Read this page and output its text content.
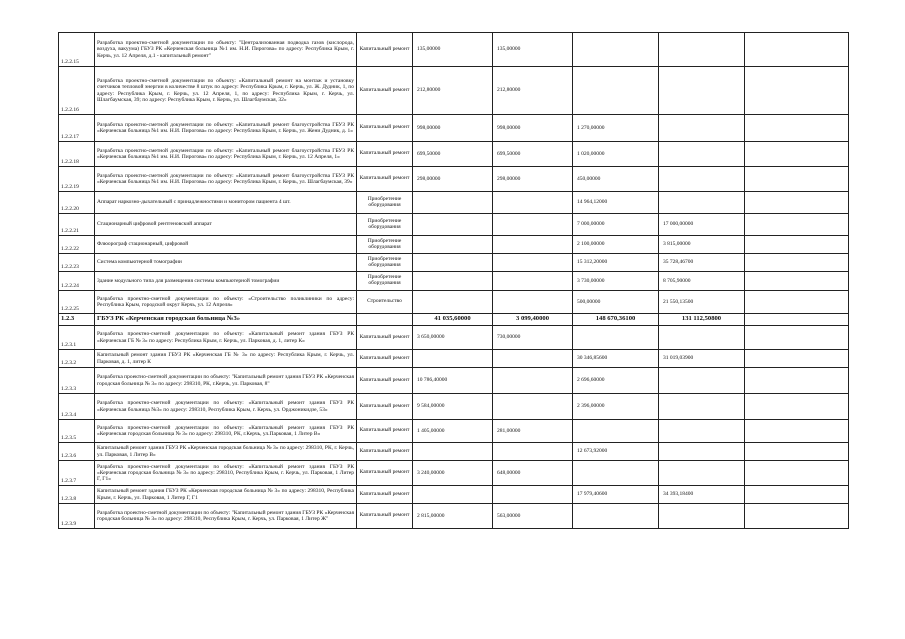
1.2.2.15	Разработка проектно-сметной документации по объекту: "Централизованная подводка газов (кислорода, воздуха, вакуума) ГБУЗ РК «Керченская больница №1 им. Н.И. Пирогова» по адресу: Республика Крым, г. Керчь, ул. 12 Апреля, д.1 - капитальный ремонт"	Капитальный ремонт	135,00000	135,00000			
1.2.2.16	Разработка проектно-сметной документации по объекту: «Капитальный ремонт на монтаж и установку счетчиков тепловой энергии в количестве 8 штук по адресу: Республика Крым, г. Керчь, ул. Ж. Дудник, 1, по адресу: Республика Крым, г. Керчь, ул. 12 Апреля, 1, по адресу: Республика Крым, г. Керчь, ул. Шлагбаумская, 39; по адресу: Республика Крым, г. Керчь, ул. Шлагбаумская, 32»	Капитальный ремонт	212,80000	212,80000			
1.2.2.17	Разработка проектно-сметной документации по объекту: «Капитальный ремонт благоустройства ГБУЗ РК «Керченская больница №1 им. Н.И. Пирогова» по адресу: Республика Крым, г. Керчь, ул. Жени Дудник, д. 1»	Капитальный ремонт	998,00000	998,00000	1 270,00000		
1.2.2.18	Разработка проектно-сметной документации по объекту: «Капитальный ремонт благоустройства ГБУЗ РК «Керченская больница №1 им. Н.И. Пирогова» по адресу: Республика Крым, г. Керчь, ул. 12 Апреля, 1»	Капитальный ремонт	699,50000	699,50000	1 020,00000		
1.2.2.19	Разработка проектно-сметной документации по объекту: «Капитальный ремонт благоустройства ГБУЗ РК «Керченская больница №1 им. Н.И. Пирогова» по адресу: Республика Крым, г. Керчь, ул. Шлагбаумская, 39»	Капитальный ремонт	298,00000	298,00000	450,00000		
1.2.2.20	Аппарат наркозно-дыхательный с принадлежностями и монитором пациента 4 шт.	Приобретение оборудования			14 964,12000		
1.2.2.21	Стационарный цифровой рентгеновский аппарат	Приобретение оборудования			7 000,00000	17 000,00000	
1.2.2.22	Флюорограф стационарный, цифровой	Приобретение оборудования			2 100,00000	3 815,00000	
1.2.2.23	Система компьютерной томографии	Приобретение оборудования			15 312,20000	35 728,46700	
1.2.2.24	Здание модульного типа для размещения системы компьютерной томографии	Приобретение оборудования			3 730,00000	8 705,90000	
1.2.2.25	Разработка проектно-сметной документации по объекту: «Строительство поликлиники по адресу: Республика Крым, городской округ Керчь, ул. 12 Апреля»	Строительство			500,00000	21 550,13500	
1.2.3	ГБУЗ РК «Керченская городская больница №3»		41 035,60000	3 099,40000	148 670,36100	131 112,50800	
1.2.3.1	Разработка проектно-сметной документации по объекту: «Капитальный ремонт здания ГБУЗ РК «Керченская ГБ № 3» по адресу: Республика Крым, г. Керчь, ул. Парковая, д. 1, литер К»	Капитальный ремонт	3 650,00000	730,00000			
1.2.3.2	Капитальный ремонт здания ГБУЗ РК «Керченская ГБ № 3» по адресу: Республика Крым, г. Керчь, ул. Парковая, д. 1, литер К	Капитальный ремонт			30 346,85600	31 019,03900	
1.2.3.3	Разработка проектно-сметной документации по объекту: "Капитальный ремонт здания ГБУЗ РК «Керченская городская больница № 3» по адресу: 298310, РК, г.Керчь, ул. Парковая, 8"	Капитальный ремонт	10 786,40000		2 696,60000		
1.2.3.4	Разработка проектно-сметной документации по объекту: «Капитальный ремонт здания ГБУЗ РК «Керченская больница №3» по адресу: 298310, Республика Крым, г. Керчь, ул. Орджоникидзе, 53»	Капитальный ремонт	9 584,00000		2 396,00000		
1.2.3.5	Разработка проектно-сметной документации по объекту: «Капитальный ремонт здания ГБУЗ РК «Керченская городская больница № 3» по адресу: 298310, РК, г.Керчь, ул.Парковая, 1 Литер В»	Капитальный ремонт	1 405,00000	281,00000			
1.2.3.6	Капитальный ремонт здания ГБУЗ РК «Керченская городская больница № 3» по адресу: 298310, РК, г. Керчь, ул. Парковая, 1 Литер В»	Капитальный ремонт			12 673,92000		
1.2.3.7	Разработка проектно-сметной документации по объекту: «Капитальный ремонт здания ГБУЗ РК «Керченская городская больница № 3» по адресу: 298310, Республика Крым, г. Керчь, ул. Парковая, 1 Литер Г, Г1»	Капитальный ремонт	3 240,00000	648,00000			
1.2.3.8	Капитальный ремонт здания ГБУЗ РК «Керченская городская больница № 3» по адресу: 298310, Республика Крым, г. Керчь, ул. Парковая, 1 Литер Г, Г1	Капитальный ремонт			17 979,40600	34 393,18400	
1.2.3.9	Разработка проектно-сметной документации по объекту: "Капитальный ремонт здания ГБУЗ РК «Керченская городская больница № 3» по адресу: 298310, Республика Крым, г. Керчь, ул. Парковая, 1 Литер Ж"	Капитальный ремонт	2 815,00000	563,00000			
